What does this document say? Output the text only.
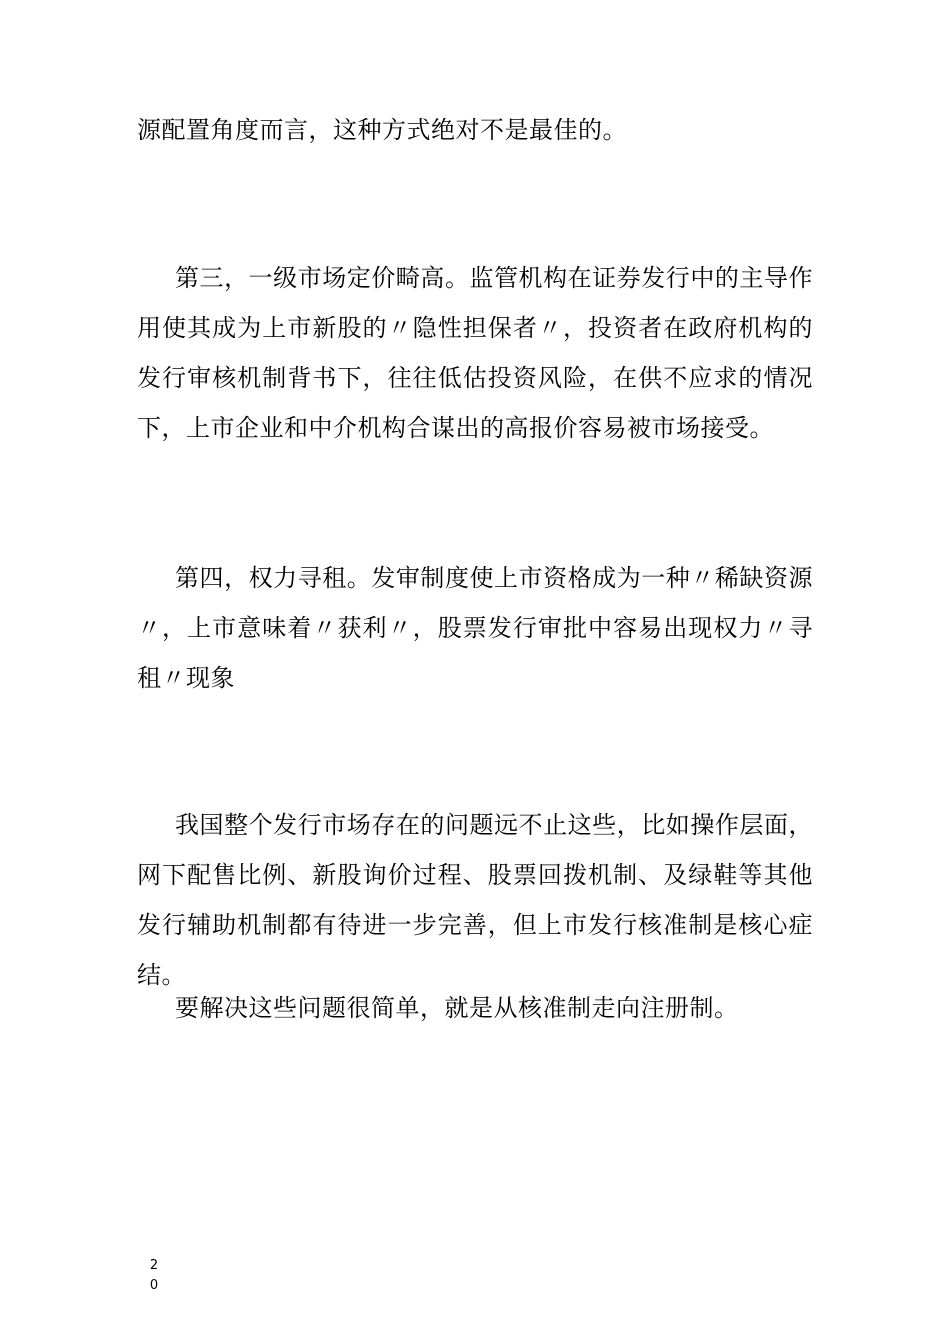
源配置角度而言，这种方式绝对不是最佳的。

第三，一级市场定价畸高。监管机构在证券发行中的主导作用使其成为上市新股的〃隐性担保者〃，投资者在政府机构的发行审核机制背书下，往往低估投资风险，在供不应求的情况下，上市企业和中介机构合谋出的高报价容易被市场接受。

第四，权力寻租。发审制度使上市资格成为一种〃稀缺资源〃，上市意味着〃获利〃，股票发行审批中容易出现权力〃寻租〃现象

我国整个发行市场存在的问题远不止这些，比如操作层面，网下配售比例、新股询价过程、股票回拨机制、及绿鞋等其他发行辅助机制都有待进一步完善，但上市发行核准制是核心症结。

要解决这些问题很简单，就是从核准制走向注册制。

20
